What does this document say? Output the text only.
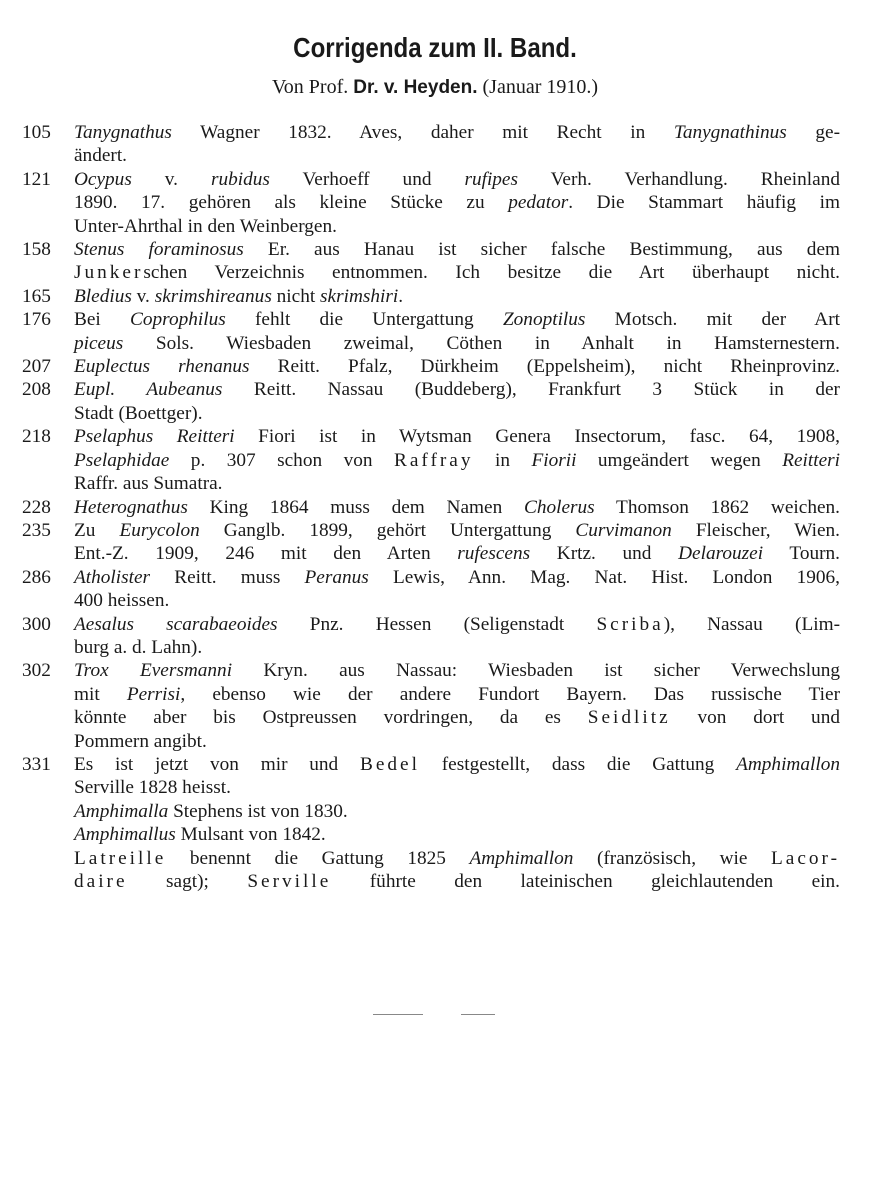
Corrigenda zum II. Band.
Von Prof. Dr. v. Heyden. (Januar 1910.)
105	Tanygnathus Wagner 1832. Aves, daher mit Recht in Tanygnathinus ge-
ändert.
121	Ocypus v. rubidus Verhoeff und rufipes Verh. Verhandlung. Rheinland
1890. 17. gehören als kleine Stücke zu pedator. Die Stammart häufig im
Unter-Ahrthal in den Weinbergen.
158	Stenus foraminosus Er. aus Hanau ist sicher falsche Bestimmung, aus dem
Junkerschen Verzeichnis entnommen. Ich besitze die Art überhaupt nicht.
165	Bledius v. skrimshireanus nicht skrimshiri.
176	Bei Coprophilus fehlt die Untergattung Zonoptilus Motsch. mit der Art
piceus Sols. Wiesbaden zweimal, Cöthen in Anhalt in Hamsternestern.
207	Euplectus rhenanus Reitt. Pfalz, Dürkheim (Eppelsheim), nicht Rheinprovinz.
208	Eupl. Aubeanus Reitt. Nassau (Buddeberg), Frankfurt 3 Stück in der
Stadt (Boettger).
218	Pselaphus Reitteri Fiori ist in Wytsman Genera Insectorum, fasc. 64, 1908,
Pselaphidae p. 307 schon von Raffray in Fiorii umgeändert wegen Reitteri
Raffr. aus Sumatra.
228	Heterognathus King 1864 muss dem Namen Cholerus Thomson 1862 weichen.
235	Zu Eurycolon Ganglb. 1899, gehört Untergattung Curvimanon Fleischer, Wien.
Ent.-Z. 1909, 246 mit den Arten rufescens Krtz. und Delarouzei Tourn.
286	Atholister Reitt. muss Peranus Lewis, Ann. Mag. Nat. Hist. London 1906,
400 heissen.
300	Aesalus scarabaeoides Pnz. Hessen (Seligenstadt Scriba), Nassau (Lim-
burg a. d. Lahn).
302	Trox Eversmanni Kryn. aus Nassau: Wiesbaden ist sicher Verwechslung
mit Perrisi, ebenso wie der andere Fundort Bayern. Das russische Tier
könnte aber bis Ostpreussen vordringen, da es Seidlitz von dort und
Pommern angibt.
331	Es ist jetzt von mir und Bedel festgestellt, dass die Gattung Amphimallon
Serville 1828 heisst.
Amphimalla Stephens ist von 1830.
Amphimallus Mulsant von 1842.
Latreille benennt die Gattung 1825 Amphimallon (französisch, wie Lacor-
daire sagt); Serville führte den lateinischen gleichlautenden ein.
